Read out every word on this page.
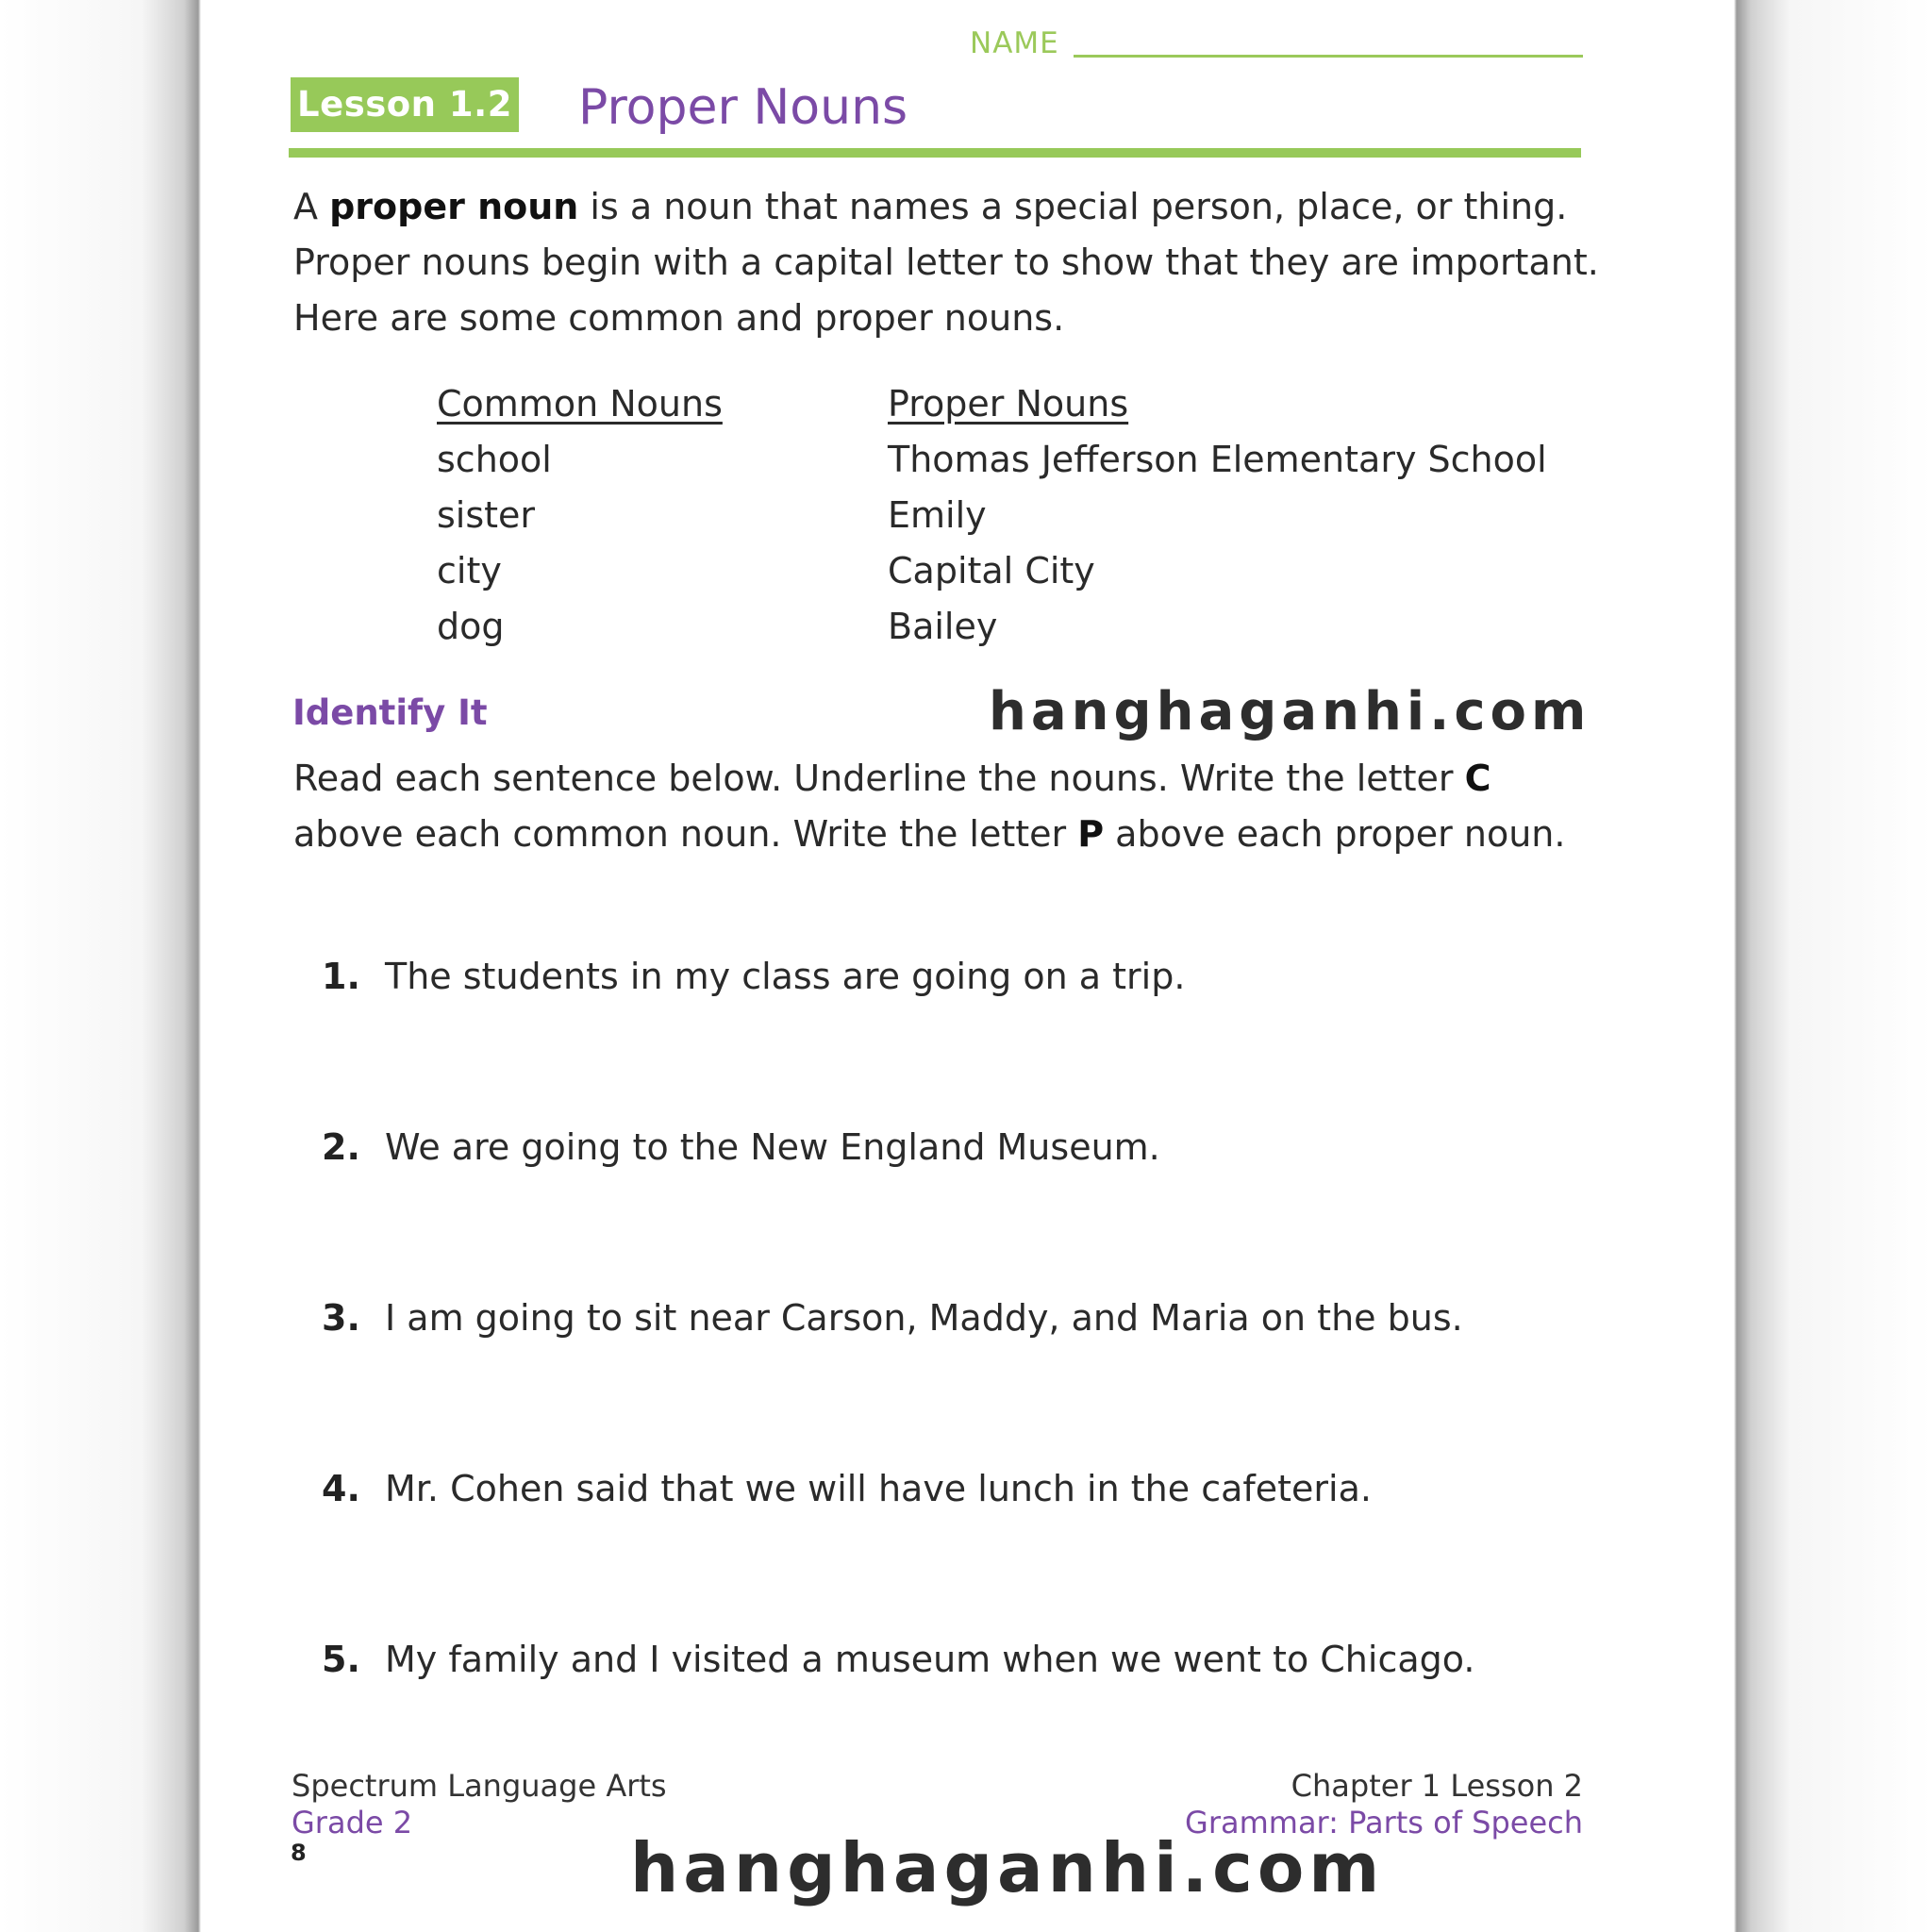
NAME
Lesson 1.2 Proper Nouns
A proper noun is a noun that names a special person, place, or thing. Proper nouns begin with a capital letter to show that they are important. Here are some common and proper nouns.
Common Nouns
school
sister
city
dog
Proper Nouns
Thomas Jefferson Elementary School
Emily
Capital City
Bailey
Identify It
Read each sentence below. Underline the nouns. Write the letter C above each common noun. Write the letter P above each proper noun.
1. The students in my class are going on a trip.
2. We are going to the New England Museum.
3. I am going to sit near Carson, Maddy, and Maria on the bus.
4. Mr. Cohen said that we will have lunch in the cafeteria.
5. My family and I visited a museum when we went to Chicago.
Spectrum Language Arts
Grade 2
8
Chapter 1 Lesson 2
Grammar: Parts of Speech
hanghaganhi.com
hanghaganhi.com
